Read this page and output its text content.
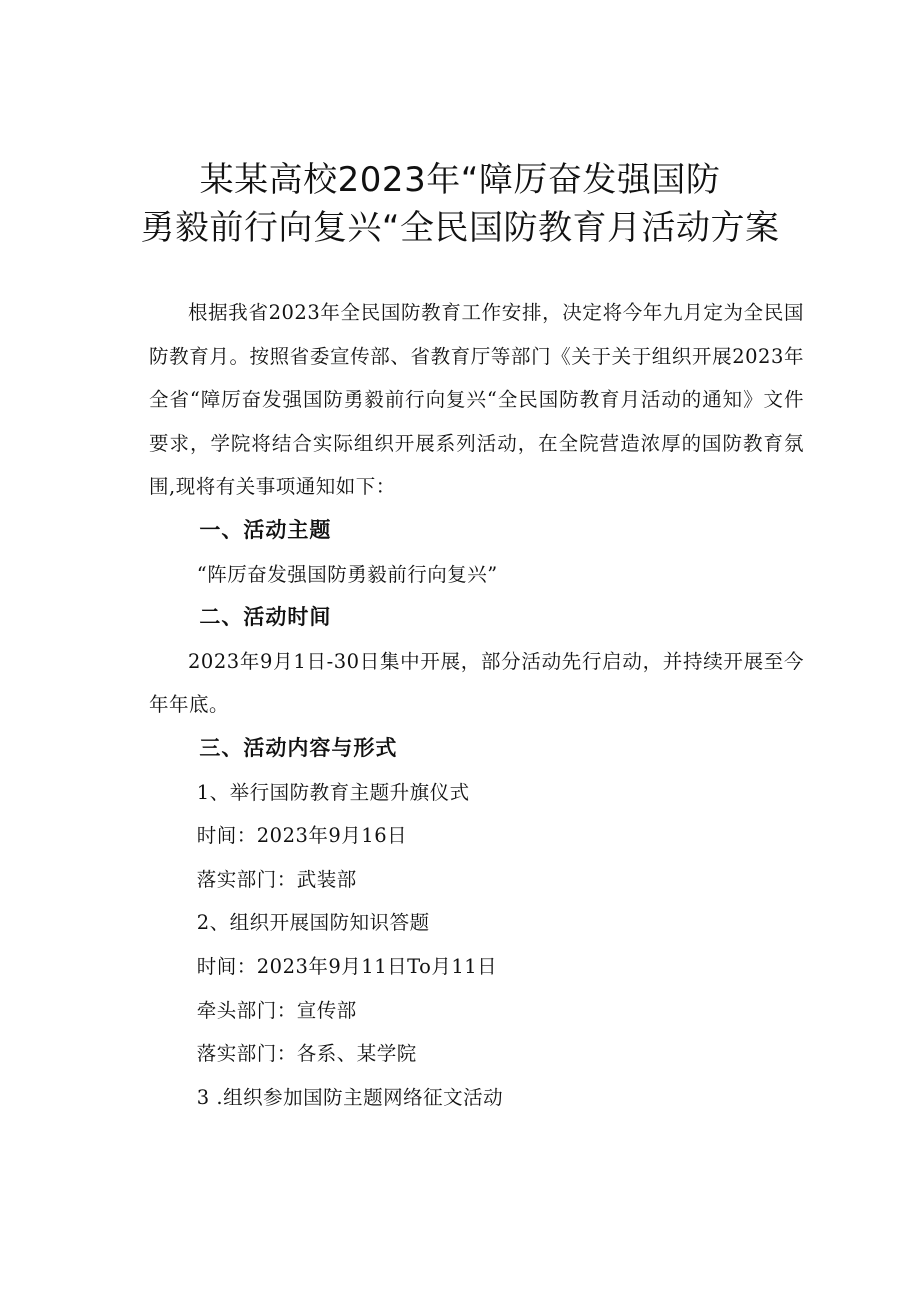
某某高校2023年“障厉奋发强国防
勇毅前行向复兴“全民国防教育月活动方案

根据我省2023年全民国防教育工作安排，决定将今年九月定为全民国防教育月。按照省委宣传部、省教育厅等部门《关于关于组织开展2023年全省“障厉奋发强国防勇毅前行向复兴“全民国防教育月活动的通知》文件要求，学院将结合实际组织开展系列活动，在全院营造浓厚的国防教育氛围,现将有关事项通知如下：

一、活动主题

“阵厉奋发强国防勇毅前行向复兴”

二、活动时间

2023年9月1日-30日集中开展，部分活动先行启动，并持续开展至今年年底。

三、活动内容与形式

1、举行国防教育主题升旗仪式

时间：2023年9月16日

落实部门：武装部

2、组织开展国防知识答题

时间：2023年9月11日To月11日

牵头部门：宣传部

落实部门：各系、某学院

3 .组织参加国防主题网络征文活动
